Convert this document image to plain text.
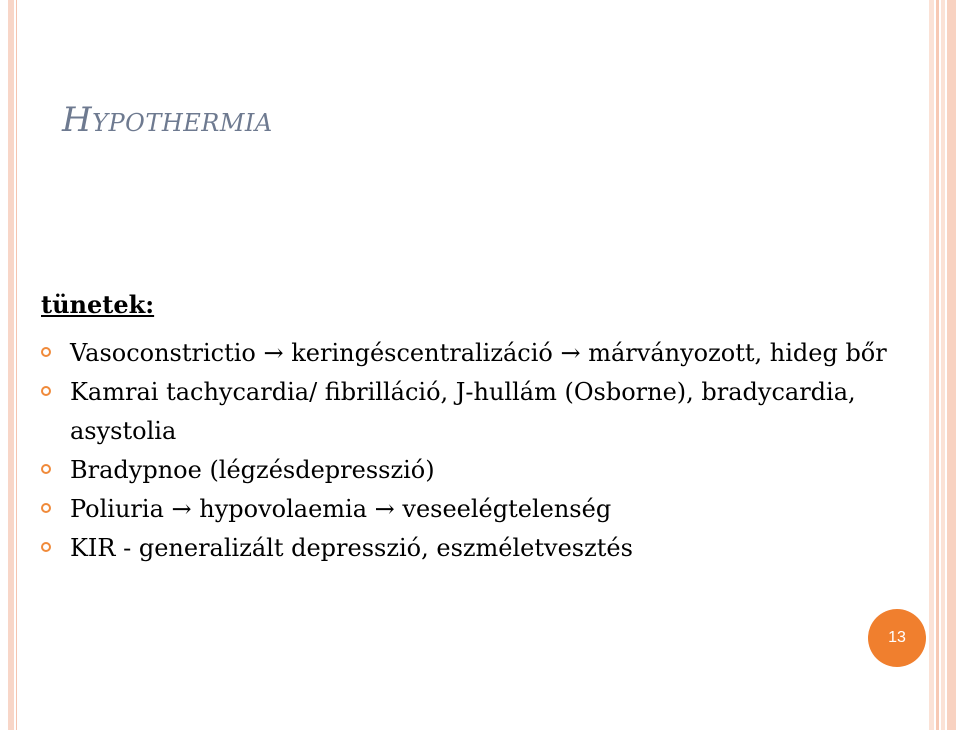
Hypothermia
tünetek:
Vasoconstrictio → keringéscentralizáció → márványozott, hideg bőr
Kamrai tachycardia/ fibrilláció, J-hullám (Osborne), bradycardia, asystolia
Bradypnoe (légzésdepresszió)
Poliuria → hypovolaemia → veseelégtelenség
KIR - generalizált depresszió, eszméletvesztés
13
